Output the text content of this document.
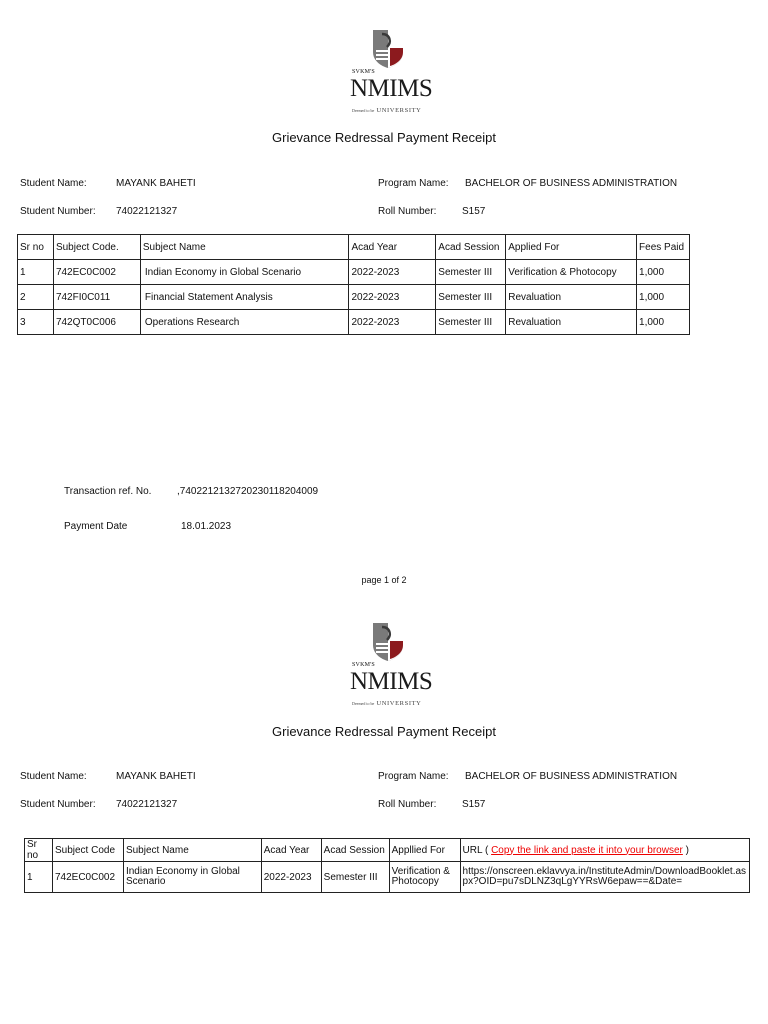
SVKM'S
NMIMS
Deemed to be UNIVERSITY
Grievance Redressal Payment Receipt
Student Name:	MAYANK BAHETI	Program Name: BACHELOR OF BUSINESS ADMINISTRATION
Student Number: 74022121327	Roll Number:	S157
Sr no	Subject Code.	Subject Name	Acad Year	Acad Session	Applied For	Fees Paid
1	742EC0C002	Indian Economy in Global Scenario	2022-2023	Semester III	Verification & Photocopy	1,000
2	742FI0C011	Financial Statement Analysis	2022-2023	Semester III	Revaluation	1,000
3	742QT0C006	Operations Research	2022-2023	Semester III	Revaluation	1,000
Transaction ref. No.	,74022121327202301182040​09
Payment Date	18.01.2023
page 1 of 2
SVKM'S
NMIMS
Deemed to be UNIVERSITY
Grievance Redressal Payment Receipt
Student Name:	MAYANK BAHETI	Program Name: BACHELOR OF BUSINESS ADMINISTRATION
Student Number: 74022121327	Roll Number:	S157
Sr no	Subject Code	Subject Name	Acad Year	Acad Session	Appllied For	URL ( Copy the link and paste it into your browser )
1	742EC0C002	Indian Economy in Global Scenario	2022-2023	Semester III	Verification & Photocopy	https://onscreen.eklavvya.in/InstituteAdmin/DownloadBooklet.aspx?OID=pu7sDLNZ3qLgYYRsW6epaw==&Date=
